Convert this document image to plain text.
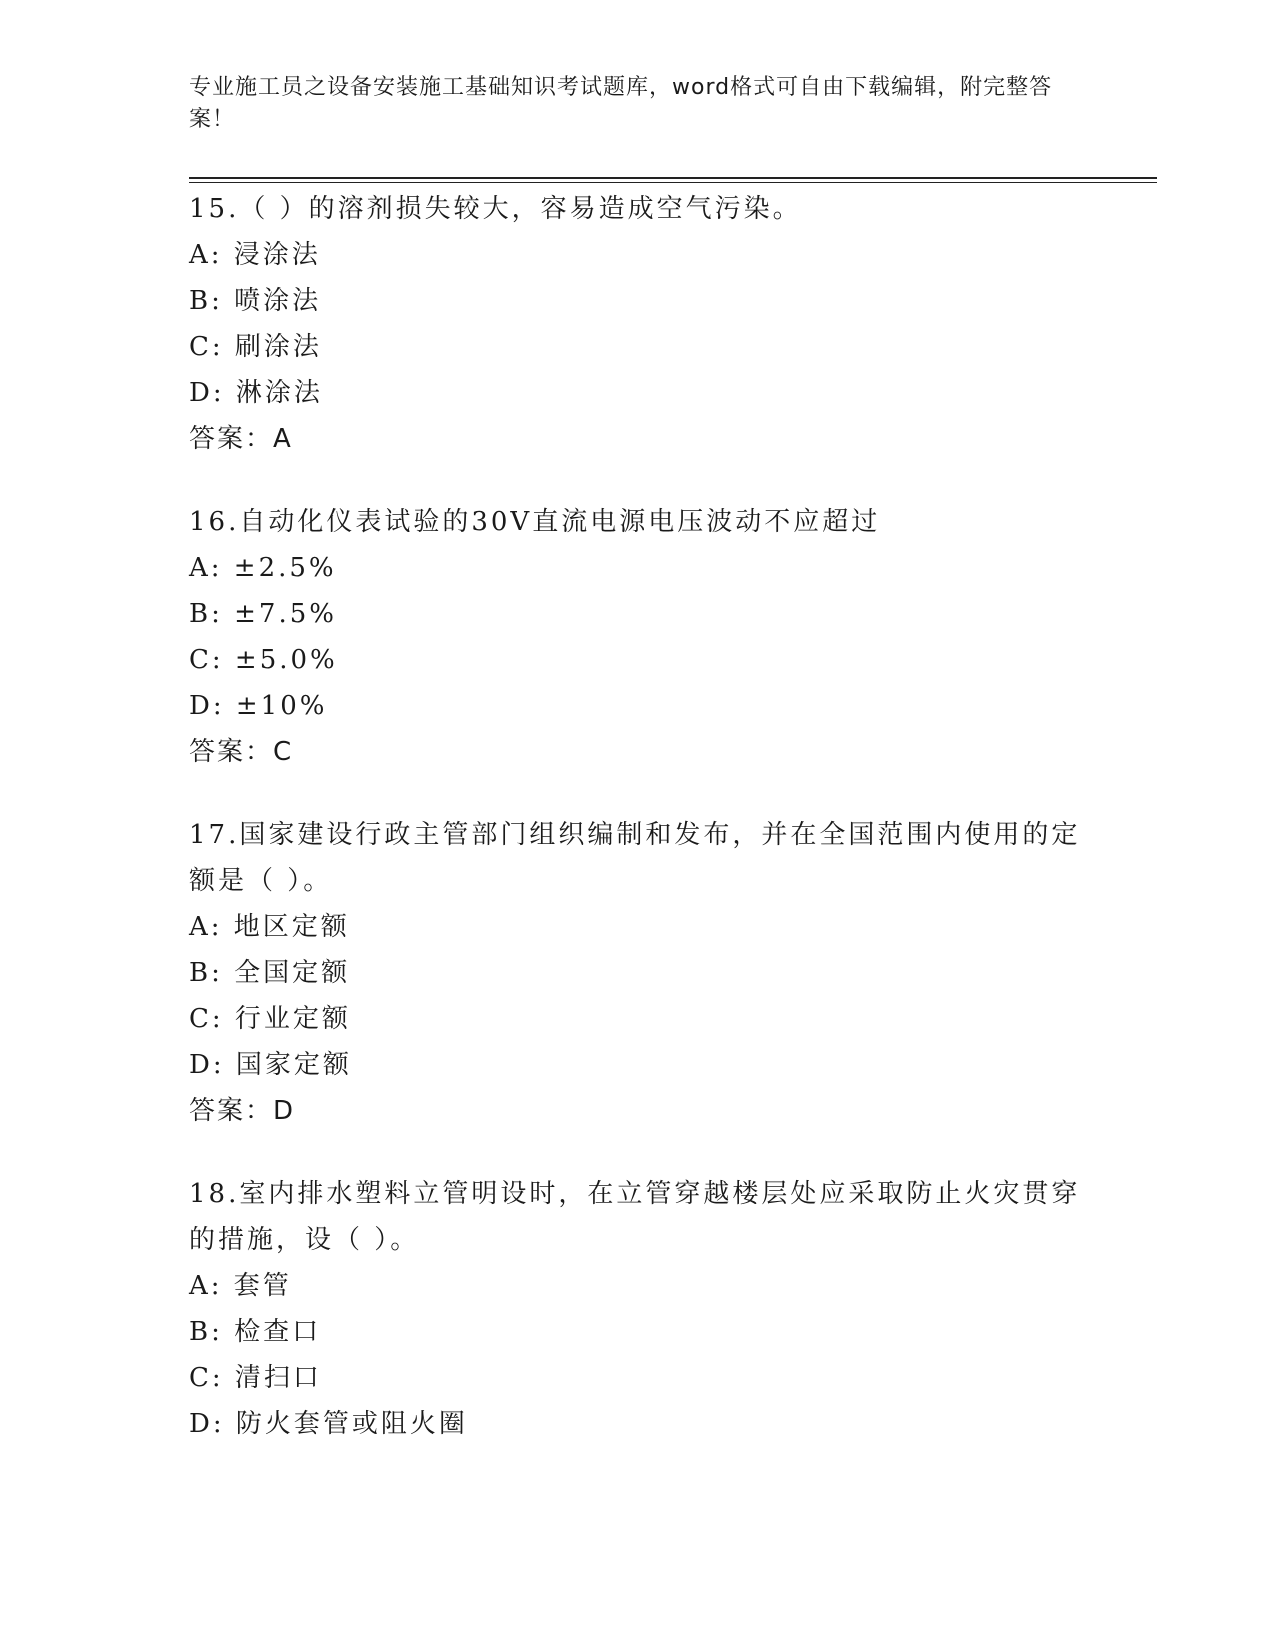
专业施工员之设备安装施工基础知识考试题库，word格式可自由下载编辑，附完整答案！
15.（ ）的溶剂损失较大，容易造成空气污染。
A: 浸涂法
B: 喷涂法
C: 刷涂法
D: 淋涂法
答案：A
16.自动化仪表试验的30V直流电源电压波动不应超过
A: ±2.5%
B: ±7.5%
C: ±5.0%
D: ±10%
答案：C
17.国家建设行政主管部门组织编制和发布，并在全国范围内使用的定额是（ ）。
A: 地区定额
B: 全国定额
C: 行业定额
D: 国家定额
答案：D
18.室内排水塑料立管明设时，在立管穿越楼层处应采取防止火灾贯穿的措施，设（ ）。
A: 套管
B: 检查口
C: 清扫口
D: 防火套管或阻火圈
